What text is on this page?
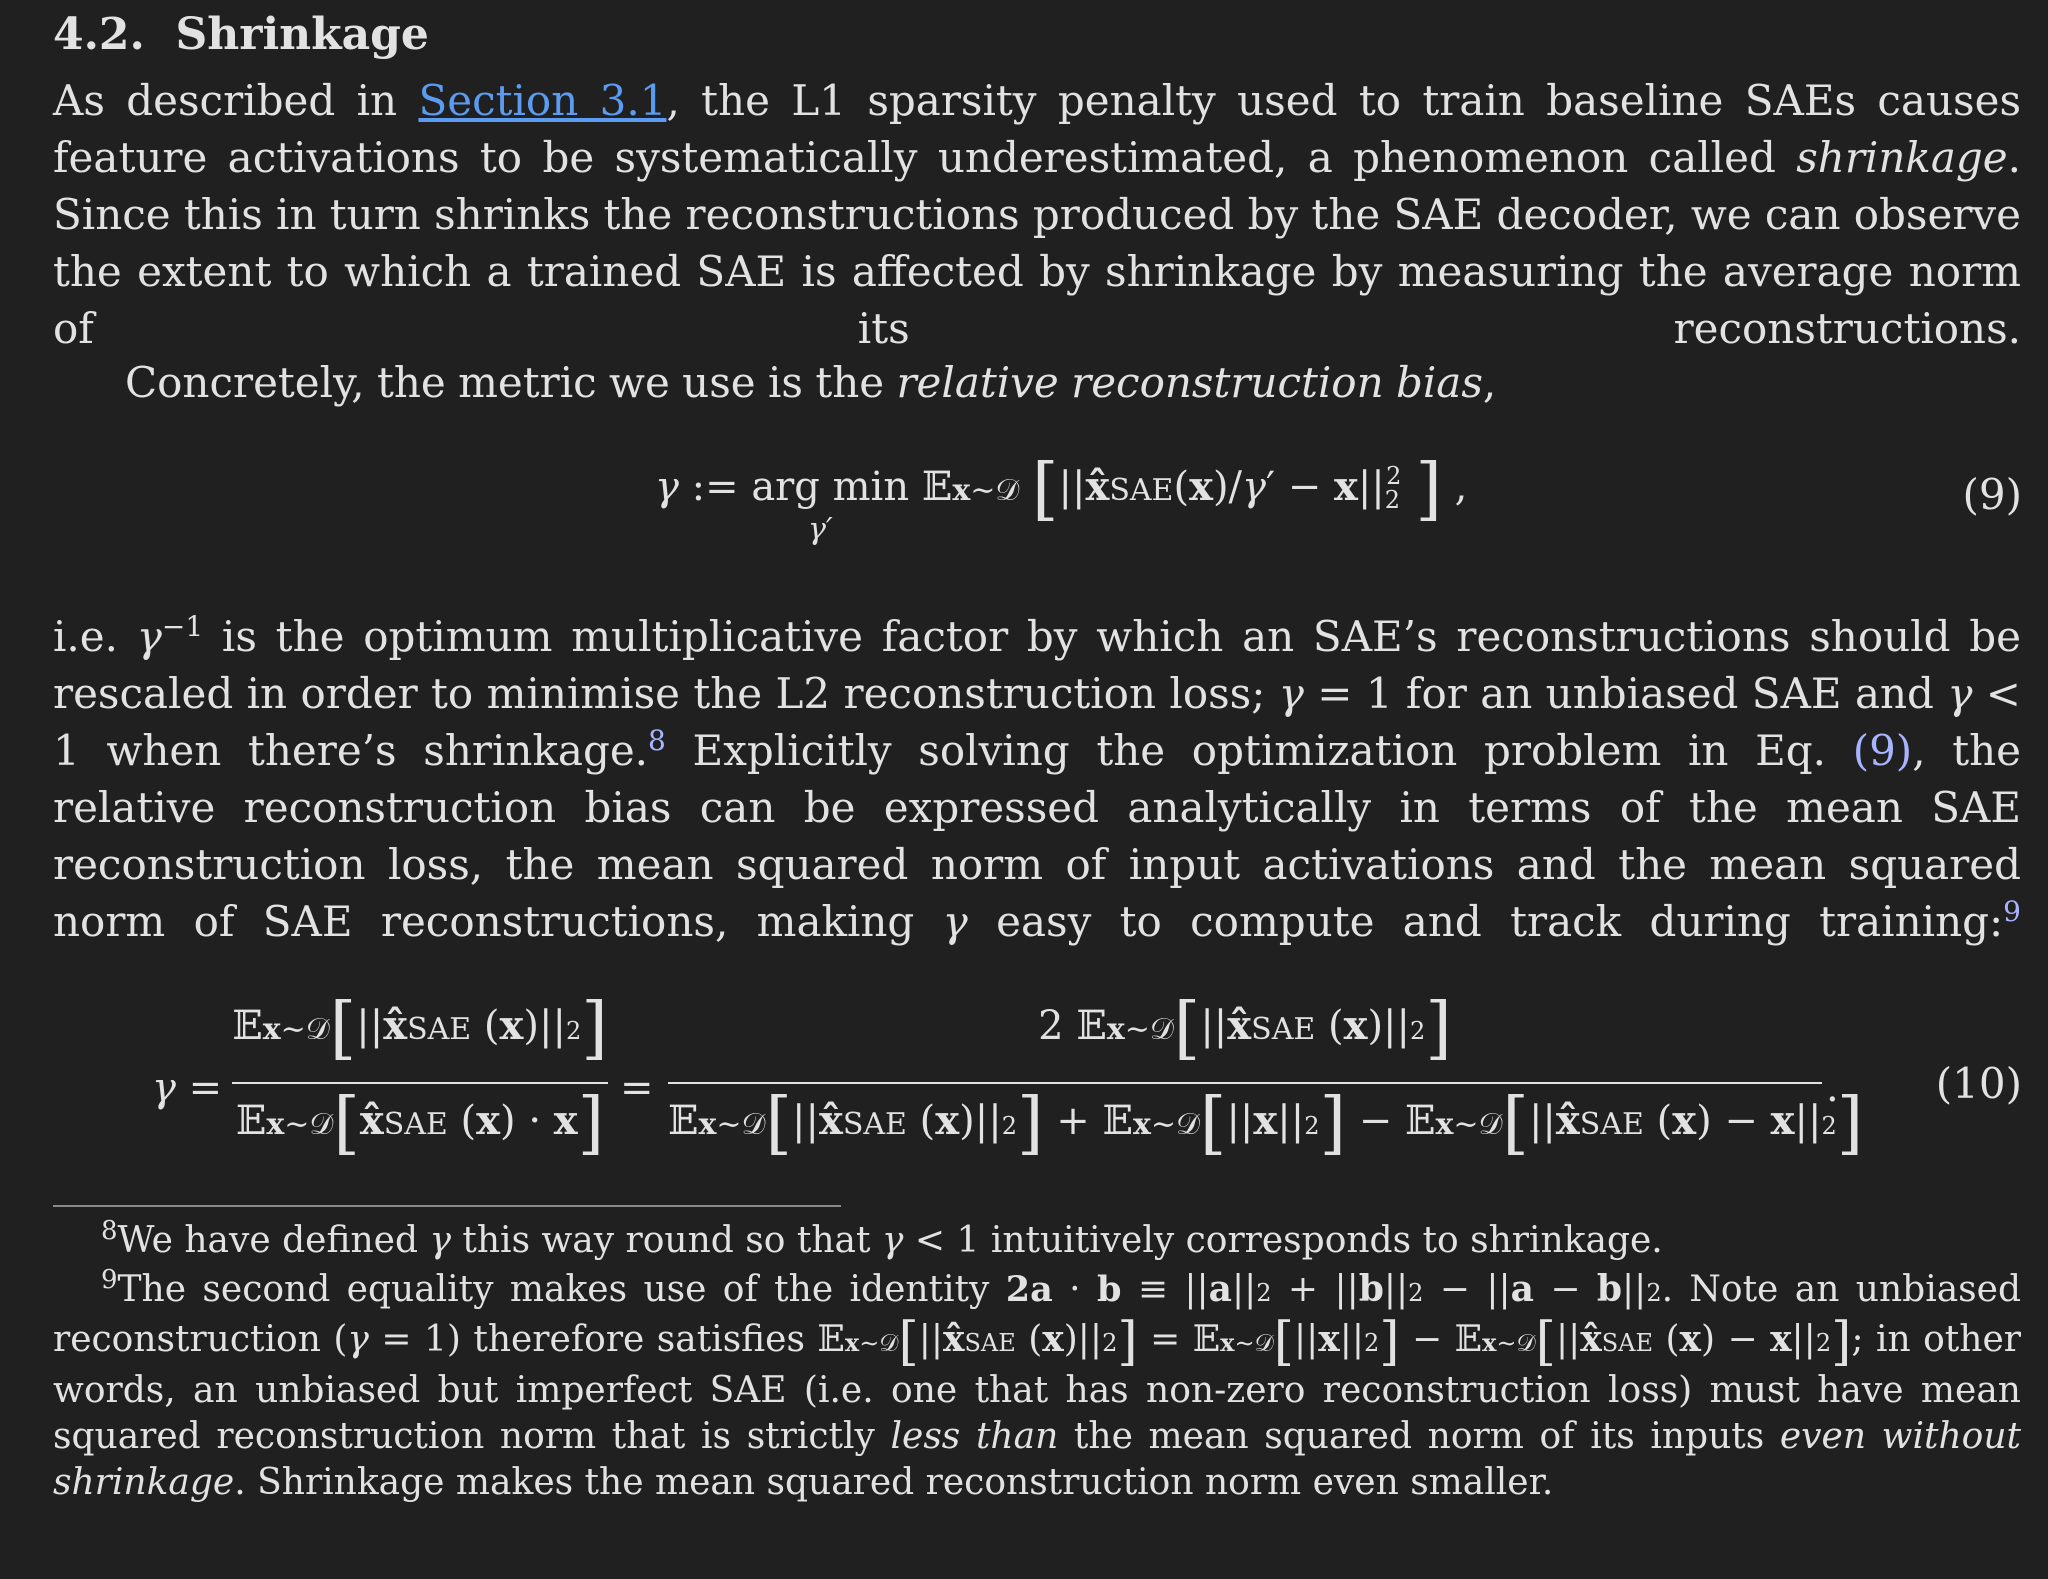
4.2. Shrinkage

As described in Section 3.1, the L1 sparsity penalty used to train baseline SAEs causes feature activations to be systematically underestimated, a phenomenon called shrinkage. Since this in turn shrinks the reconstructions produced by the SAE decoder, we can observe the extent to which a trained SAE is affected by shrinkage by measuring the average norm of its reconstructions.

Concretely, the metric we use is the relative reconstruction bias,

γ := arg min 𝔼x∼𝒟 [||x̂SAE(x)/γ′ − $x||_2^2$ ] ,
γ′
(9)

i.e. $\gamma^{-1}$ is the optimum multiplicative factor by which an SAE’s reconstructions should be rescaled in order to minimise the L2 reconstruction loss; γ = 1 for an unbiased SAE and γ < 1 when there’s shrinkage.$^8$ Explicitly solving the optimization problem in Eq. (9), the relative reconstruction bias can be expressed analytically in terms of the mean SAE reconstruction loss, the mean squared norm of input activations and the mean squared norm of SAE reconstructions, making γ easy to compute and track during training:$^9$

γ =
𝔼x∼𝒟[||x̂SAE (x)||2]
𝔼x∼𝒟[x̂SAE (x) · x] =
2 𝔼x∼𝒟[||x̂SAE (x)||2]
𝔼x∼𝒟[||x̂SAE (x)||2] + 𝔼x∼𝒟[||x||2] − 𝔼x∼𝒟[||x̂SAE (x) − x||2]
. (10)

$^8$We have defined γ this way round so that γ < 1 intuitively corresponds to shrinkage.

$^9$The second equality makes use of the identity 2a · b ≡ ||a||2 + ||b||2 − ||a − b||2. Note an unbiased reconstruction (γ = 1) therefore satisfies 𝔼x∼𝒟[||x̂SAE (x)||2] = 𝔼x∼𝒟[||x||2] − 𝔼x∼𝒟[||x̂SAE (x) − x||2]; in other words, an unbiased but imperfect SAE (i.e. one that has non-zero reconstruction loss) must have mean squared reconstruction norm that is strictly less than the mean squared norm of its inputs even without shrinkage. Shrinkage makes the mean squared reconstruction norm even smaller.
